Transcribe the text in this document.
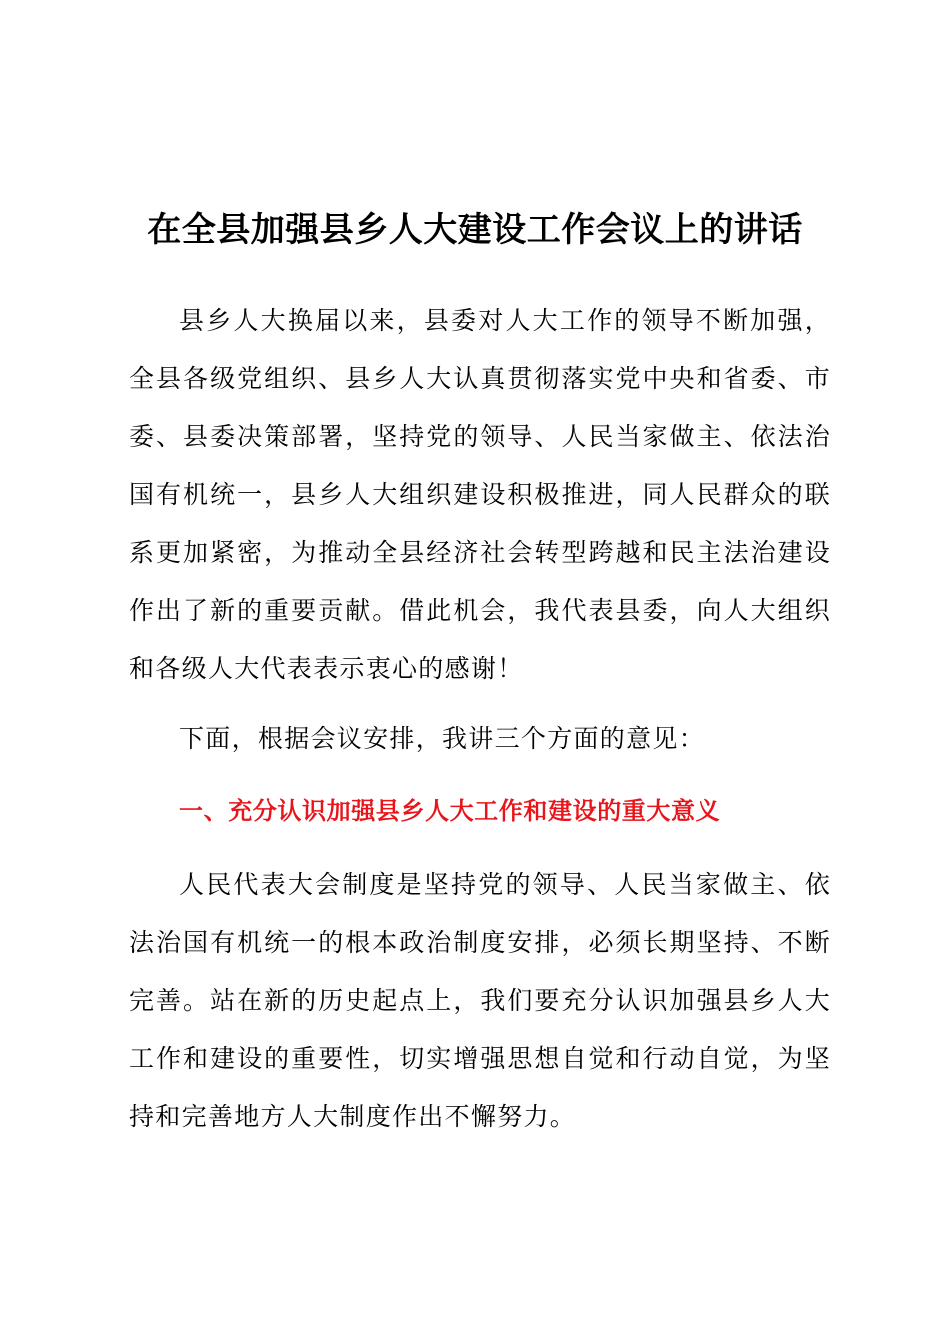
在全县加强县乡人大建设工作会议上的讲话

县乡人大换届以来，县委对人大工作的领导不断加强，全县各级党组织、县乡人大认真贯彻落实党中央和省委、市委、县委决策部署，坚持党的领导、人民当家做主、依法治国有机统一，县乡人大组织建设积极推进，同人民群众的联系更加紧密，为推动全县经济社会转型跨越和民主法治建设作出了新的重要贡献。借此机会，我代表县委，向人大组织和各级人大代表表示衷心的感谢！

下面，根据会议安排，我讲三个方面的意见：

一、充分认识加强县乡人大工作和建设的重大意义

人民代表大会制度是坚持党的领导、人民当家做主、依法治国有机统一的根本政治制度安排，必须长期坚持、不断完善。站在新的历史起点上，我们要充分认识加强县乡人大工作和建设的重要性，切实增强思想自觉和行动自觉，为坚持和完善地方人大制度作出不懈努力。
